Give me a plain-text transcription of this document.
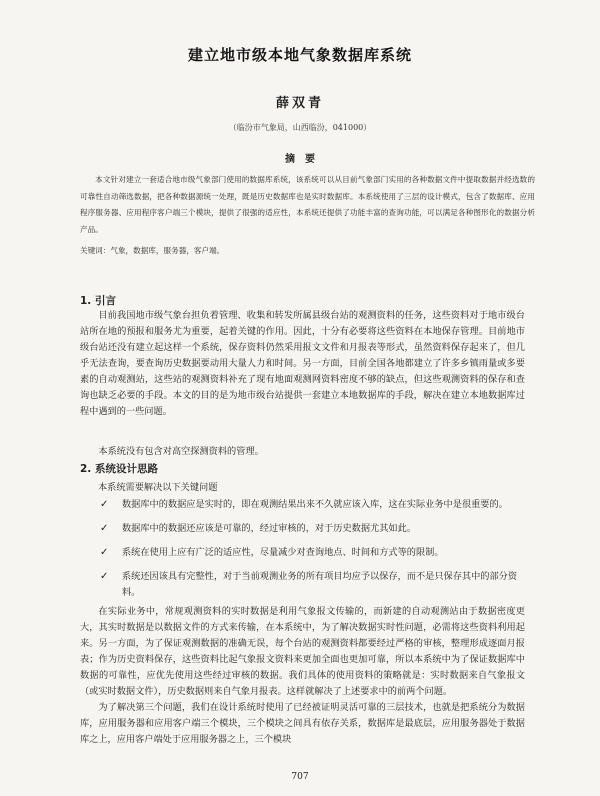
建立地市级本地气象数据库系统
薛双青
（临汾市气象局，山西临汾，041000）
摘　要

本文针对建立一套适合地市级气象部门使用的数据库系统，该系统可以从目前气象部门实用的各种数据文件中提取数据并经选数的可靠性自动筛选数据，把各种数据源统一处理，既是历史数据库也是实时数据库。本系统使用了三层的设计模式，包含了数据库、应用程序服务器、应用程序客户端三个模块，提供了很强的适应性，本系统还提供了功能丰富的查询功能，可以满足各种图形化的数据分析产品。

关键词：气象，数据库，服务器，客户端。

1. 引言

目前我国地市级气象台担负着管理、收集和转发所属县级台站的观测资料的任务，这些资料对于地市级台站所在地的预报和服务尤为重要，起着关键的作用。因此，十分有必要将这些资料在本地保存管理。目前地市级台站还没有建立起这样一个系统，保存资料仍然采用报文文件和月报表等形式，虽然资料保存起来了，但几乎无法查询，要查询历史数据要动用大量人力和时间。另一方面，目前全国各地都建立了许多乡镇雨量或多要素的自动观测站，这些站的观测资料补充了现有地面观测网资料密度不够的缺点，但这些观测资料的保存和查询也缺乏必要的手段。本文的目的是为地市级台站提供一套建立本地数据库的手段，解决在建立本地数据库过程中遇到的一些问题。

本系统没有包含对高空探测资料的管理。

2. 系统设计思路

本系统需要解决以下关键问题

✓ 数据库中的数据应是实时的，即在观测结果出来不久就应该入库，这在实际业务中是很重要的。
✓ 数据库中的数据还应该是可靠的，经过审核的，对于历史数据尤其如此。
✓ 系统在使用上应有广泛的适应性，尽量减少对查询地点、时间和方式等的限制。
✓ 系统还因该具有完整性，对于当前观测业务的所有项目均应予以保存，而不是只保存其中的部分资料。

在实际业务中，常规观测资料的实时数据是利用气象报文传输的，而新建的自动观测站由于数据密度更大，其实时数据是以数据文件的方式来传输，在本系统中，为了解决数据实时性问题，必需将这些资料利用起来。另一方面，为了保证观测数据的准确无误，每个台站的观测资料都要经过严格的审核，整理形成逐面月报表；作为历史资料保存，这些资料比起气象报文资料来更加全面也更加可靠，所以本系统中为了保证数据库中数据的可靠性，应优先使用这些经过审核的数据。我们具体的使用资料的策略就是：实时数据来自气象报文（或实时数据文件），历史数据则来自气象月报表。这样就解决了上述要求中的前两个问题。

为了解决第三个问题，我们在设计系统时使用了已经被证明灵活可靠的三层技术，也就是把系统分为数据库，应用服务器和应用客户端三个模块，三个模块之间具有依存关系，数据库是最底层，应用服务器处于数据库之上，应用客户端处于应用服务器之上，三个模块

707
